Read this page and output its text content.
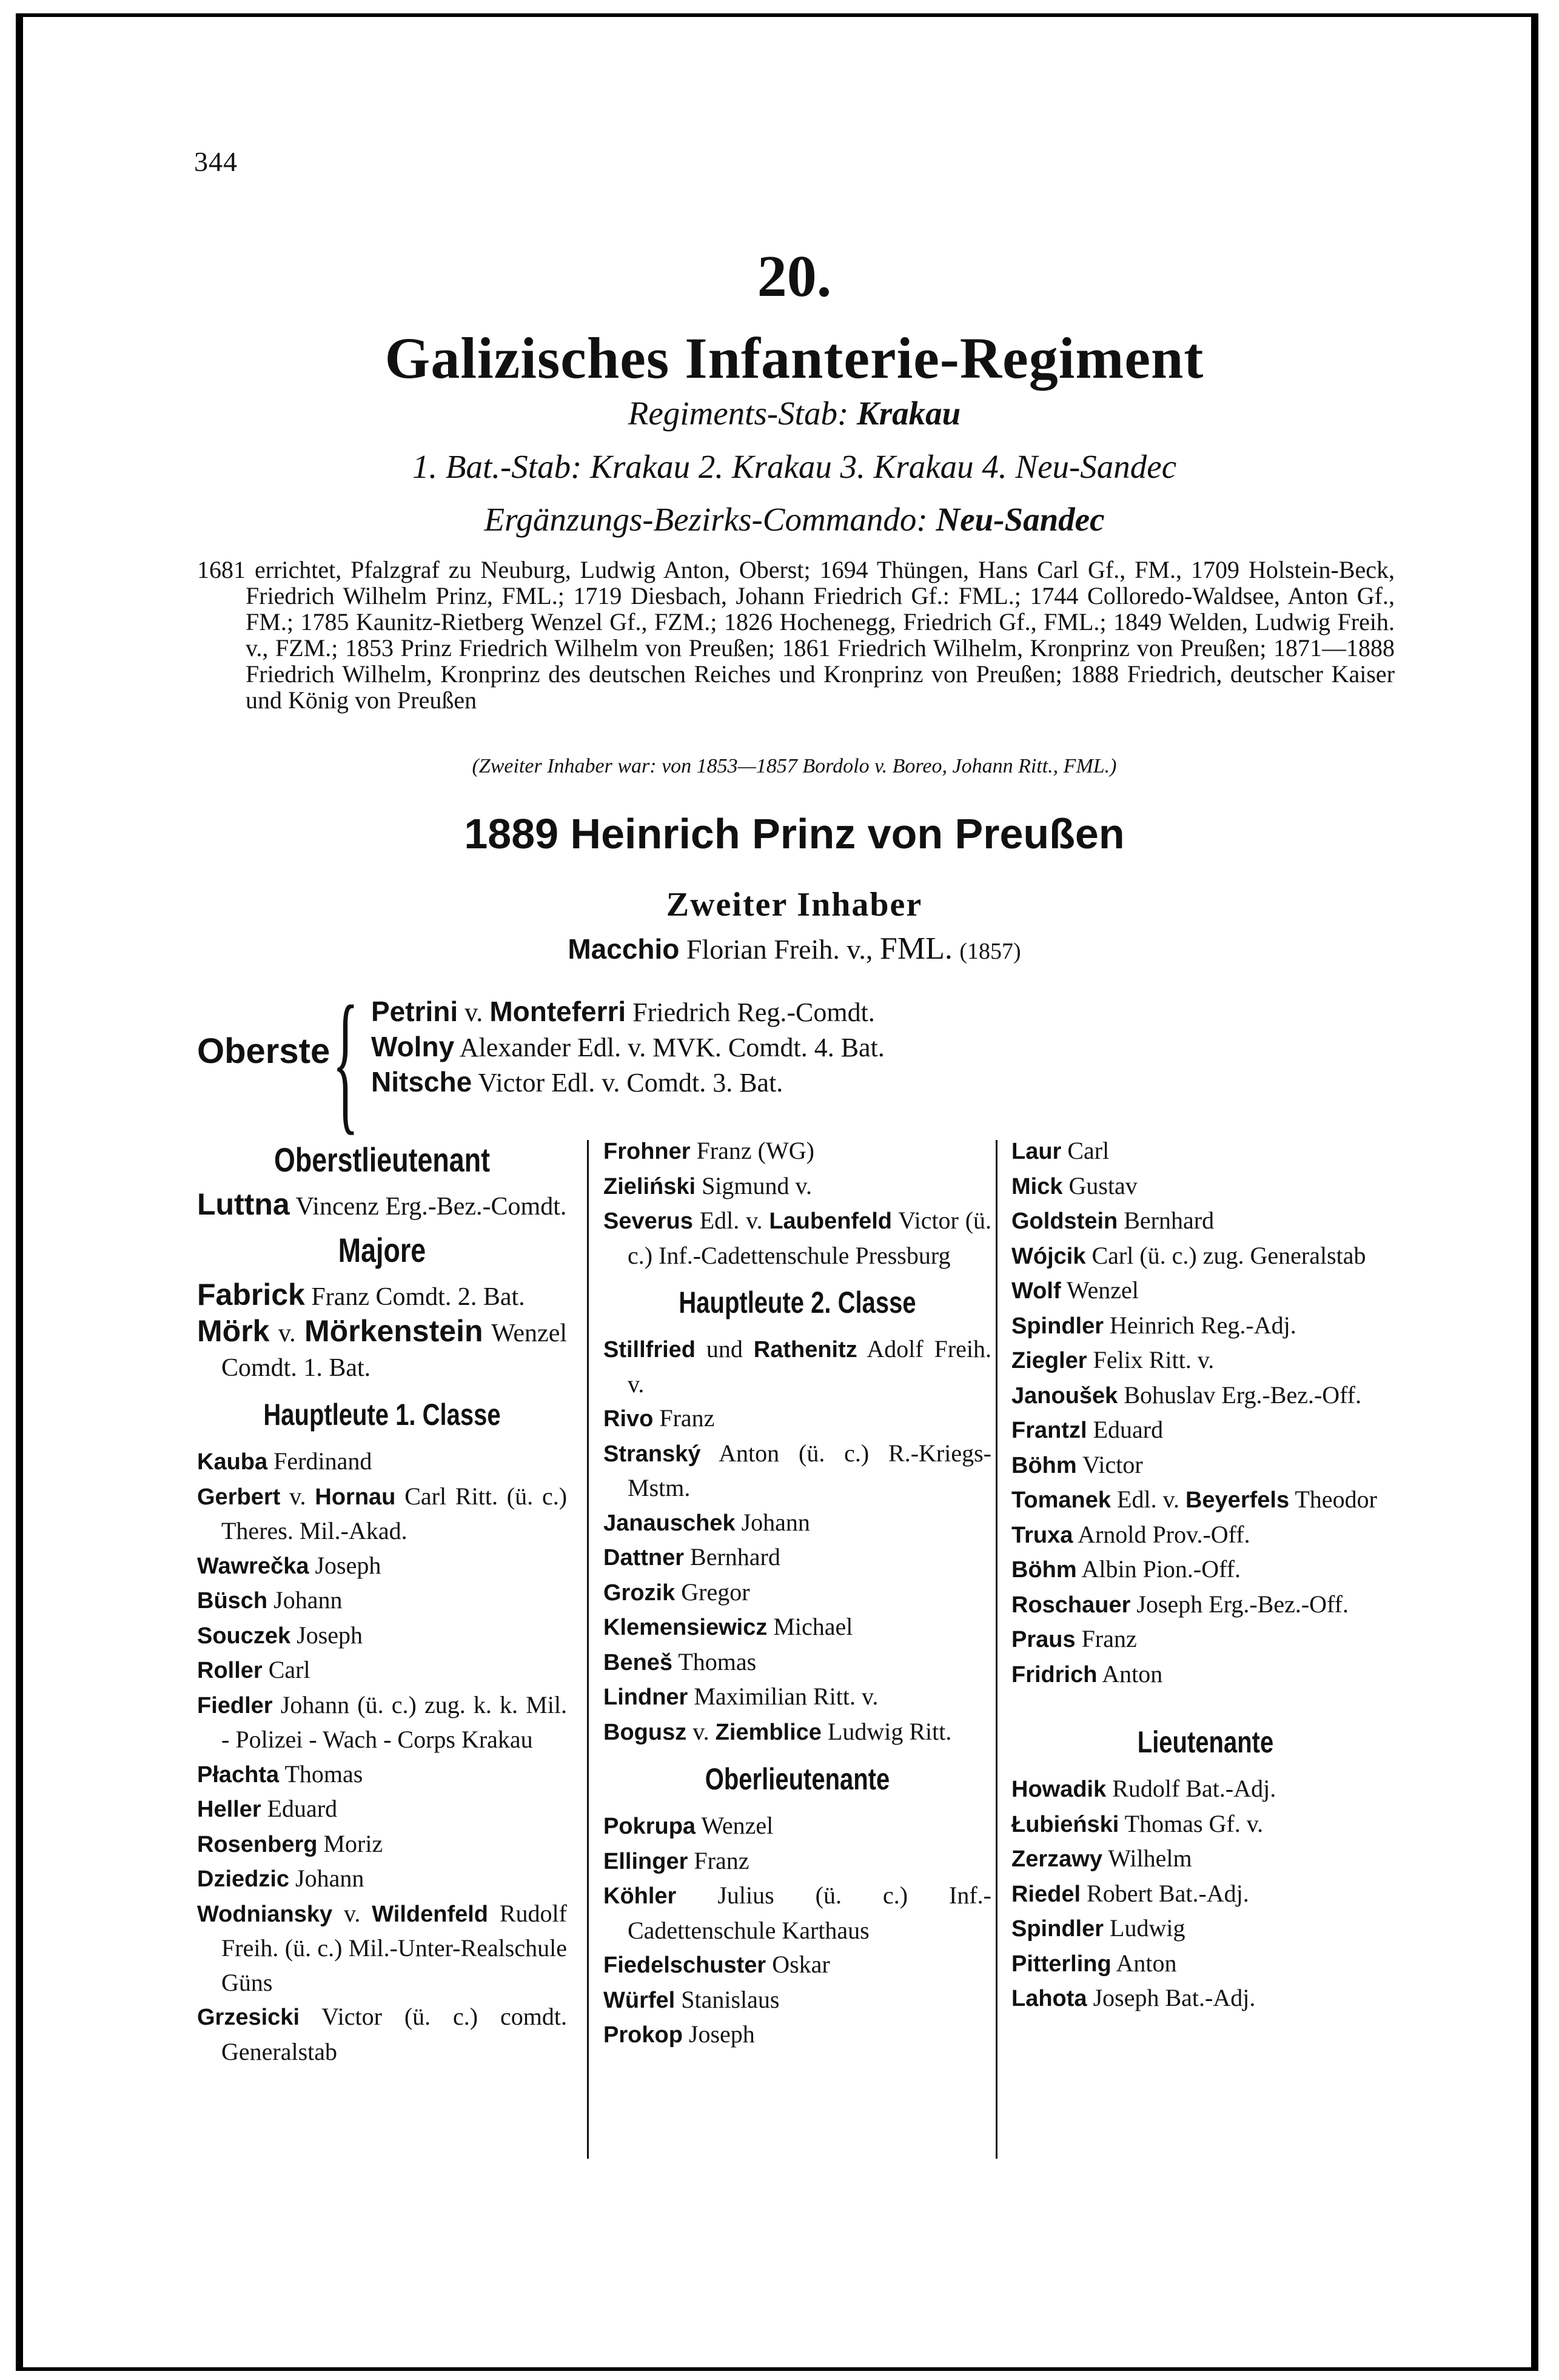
344
20.
Galizisches Infanterie-Regiment
Regiments-Stab: Krakau
1. Bat.-Stab: Krakau 2. Krakau 3. Krakau 4. Neu-Sandec
Ergänzungs-Bezirks-Commando: Neu-Sandec
1681 errichtet, Pfalzgraf zu Neuburg, Ludwig Anton, Oberst; 1694 Thüngen, Hans Carl Gf., FM., 1709 Holstein-Beck, Friedrich Wilhelm Prinz, FML.; 1719 Diesbach, Johann Friedrich Gf.: FML.; 1744 Colloredo-Waldsee, Anton Gf., FM.; 1785 Kaunitz-Rietberg Wenzel Gf., FZM.; 1826 Hochenegg, Friedrich Gf., FML.; 1849 Welden, Ludwig Freih. v., FZM.; 1853 Prinz Friedrich Wilhelm von Preußen; 1861 Friedrich Wilhelm, Kronprinz von Preußen; 1871—1888 Friedrich Wilhelm, Kronprinz des deutschen Reiches und Kronprinz von Preußen; 1888 Friedrich, deutscher Kaiser und König von Preußen
(Zweiter Inhaber war: von 1853—1857 Bordolo v. Boreo, Johann Ritt., FML.)
1889 Heinrich Prinz von Preußen
Zweiter Inhaber
Macchio Florian Freih. v., FML. (1857)
Oberste { Petrini v. Monteferri Friedrich Reg.-Comdt.
Wolny Alexander Edl. v. MVK. Comdt. 4. Bat.
Nitsche Victor Edl. v. Comdt. 3. Bat.
Oberstlieutenant
Luttna Vincenz Erg.-Bez.-Comdt.
Majore
Fabrick Franz Comdt. 2. Bat.
Mörk v. Mörkenstein Wenzel Comdt. 1. Bat.
Hauptleute 1. Classe
Kauba Ferdinand
Gerbert v. Hornau Carl Ritt. (ü. c.) Theres. Mil.-Akad.
Wawrečka Joseph
Büsch Johann
Souczek Joseph
Roller Carl
Fiedler Johann (ü. c.) zug. k. k. Mil. - Polizei - Wach - Corps Krakau
Płachta Thomas
Heller Eduard
Rosenberg Moriz
Dziedzic Johann
Wodniansky v. Wildenfeld Rudolf Freih. (ü. c.) Mil.-Unter-Realschule Güns
Grzesicki Victor (ü. c.) comdt. Generalstab
Frohner Franz (WG)
Zieliński Sigmund v.
Severus Edl. v. Laubenfeld Victor (ü. c.) Inf.-Cadettenschule Pressburg
Hauptleute 2. Classe
Stillfried und Rathenitz Adolf Freih. v.
Rivo Franz
Stranský Anton (ü. c.) R.-Kriegs-Mstm.
Janauschek Johann
Dattner Bernhard
Grozik Gregor
Klemensiewicz Michael
Beneš Thomas
Lindner Maximilian Ritt. v.
Bogusz v. Ziemblice Ludwig Ritt.
Oberlieutenante
Pokrupa Wenzel
Ellinger Franz
Köhler Julius (ü. c.) Inf.-Cadettenschule Karthaus
Fiedelschuster Oskar
Würfel Stanislaus
Prokop Joseph
Laur Carl
Mick Gustav
Goldstein Bernhard
Wójcik Carl (ü. c.) zug. Generalstab
Wolf Wenzel
Spindler Heinrich Reg.-Adj.
Ziegler Felix Ritt. v.
Janoušek Bohuslav Erg.-Bez.-Off.
Frantzl Eduard
Böhm Victor
Tomanek Edl. v. Beyerfels Theodor
Truxa Arnold Prov.-Off.
Böhm Albin Pion.-Off.
Roschauer Joseph Erg.-Bez.-Off.
Praus Franz
Fridrich Anton
Lieutenante
Howadik Rudolf Bat.-Adj.
Łubieński Thomas Gf. v.
Zerzawy Wilhelm
Riedel Robert Bat.-Adj.
Spindler Ludwig
Pitterling Anton
Lahota Joseph Bat.-Adj.
